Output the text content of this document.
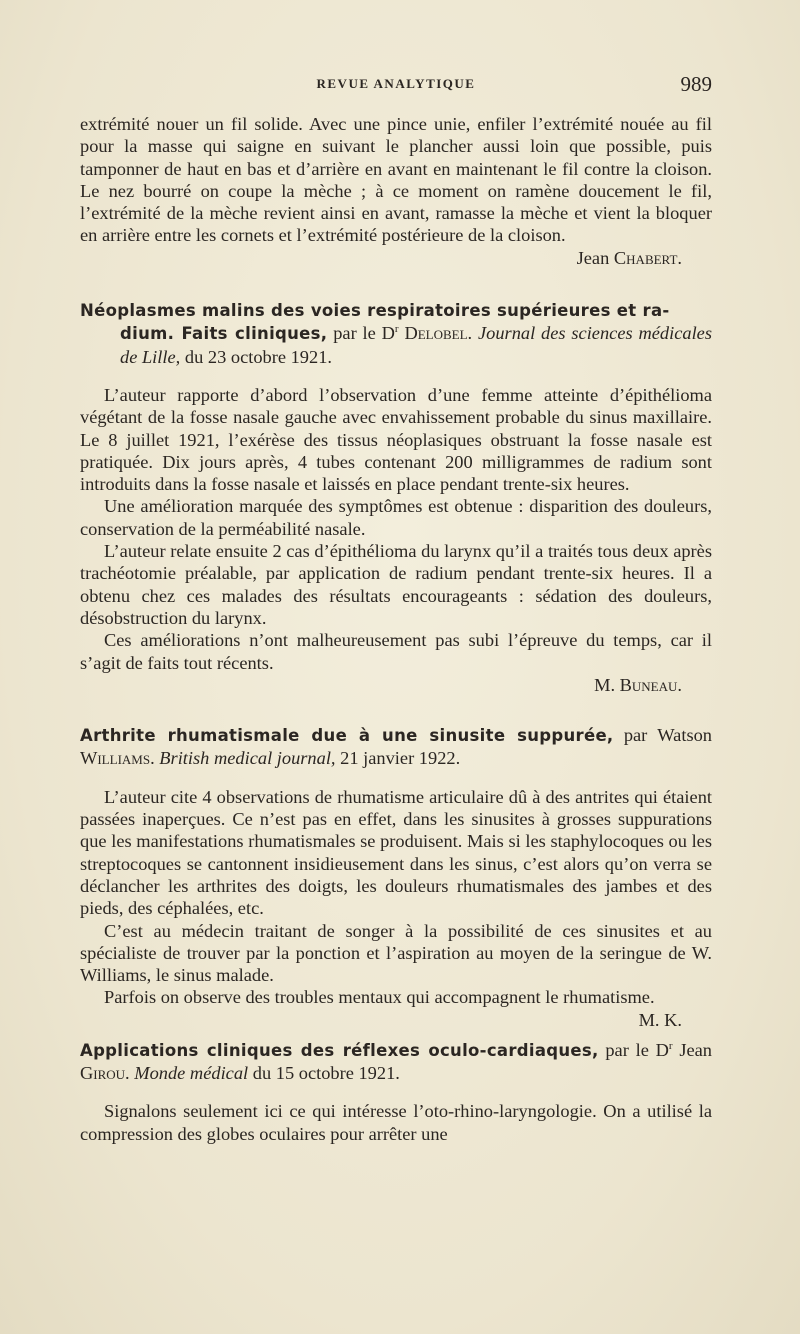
REVUE ANALYTIQUE	989

extrémité nouer un fil solide. Avec une pince unie, enfiler l’extrémité nouée au fil pour la masse qui saigne en suivant le plancher aussi loin que possible, puis tamponner de haut en bas et d’arrière en avant en maintenant le fil contre la cloison. Le nez bourré on coupe la mèche ; à ce moment on ramène doucement le fil, l’extrémité de la mèche revient ainsi en avant, ramasse la mèche et vient la bloquer en arrière entre les cornets et l’extrémité postérieure de la cloison.

Jean Chabert.

Néoplasmes malins des voies respiratoires supérieures et ra-
dium. Faits cliniques, par le $D^r$ Delobel. Journal des sciences médicales de Lille, du 23 octobre 1921.

L’auteur rapporte d’abord l’observation d’une femme atteinte d’épithélioma végétant de la fosse nasale gauche avec envahissement probable du sinus maxillaire. Le 8 juillet 1921, l’exérèse des tissus néoplasiques obstruant la fosse nasale est pratiquée. Dix jours après, 4 tubes contenant 200 milligrammes de radium sont introduits dans la fosse nasale et laissés en place pendant trente-six heures.

Une amélioration marquée des symptômes est obtenue : disparition des douleurs, conservation de la perméabilité nasale.

L’auteur relate ensuite 2 cas d’épithélioma du larynx qu’il a traités tous deux après trachéotomie préalable, par application de radium pendant trente-six heures. Il a obtenu chez ces malades des résultats encourageants : sédation des douleurs, désobstruction du larynx.

Ces améliorations n’ont malheureusement pas subi l’épreuve du temps, car il s’agit de faits tout récents.

M. Buneau.

Arthrite rhumatismale due à une sinusite suppurée, par Watson Williams. British medical journal, 21 janvier 1922.

L’auteur cite 4 observations de rhumatisme articulaire dû à des antrites qui étaient passées inaperçues. Ce n’est pas en effet, dans les sinusites à grosses suppurations que les manifestations rhumatismales se produisent. Mais si les staphylocoques ou les streptocoques se cantonnent insidieusement dans les sinus, c’est alors qu’on verra se déclancher les arthrites des doigts, les douleurs rhumatismales des jambes et des pieds, des céphalées, etc.

C’est au médecin traitant de songer à la possibilité de ces sinusites et au spécialiste de trouver par la ponction et l’aspiration au moyen de la seringue de W. Williams, le sinus malade.

Parfois on observe des troubles mentaux qui accompagnent le rhumatisme.
M. K.

Applications cliniques des réflexes oculo-cardiaques, par le $D^r$ Jean Girou. Monde médical du 15 octobre 1921.

Signalons seulement ici ce qui intéresse l’oto-rhino-laryngologie. On a utilisé la compression des globes oculaires pour arrêter une
